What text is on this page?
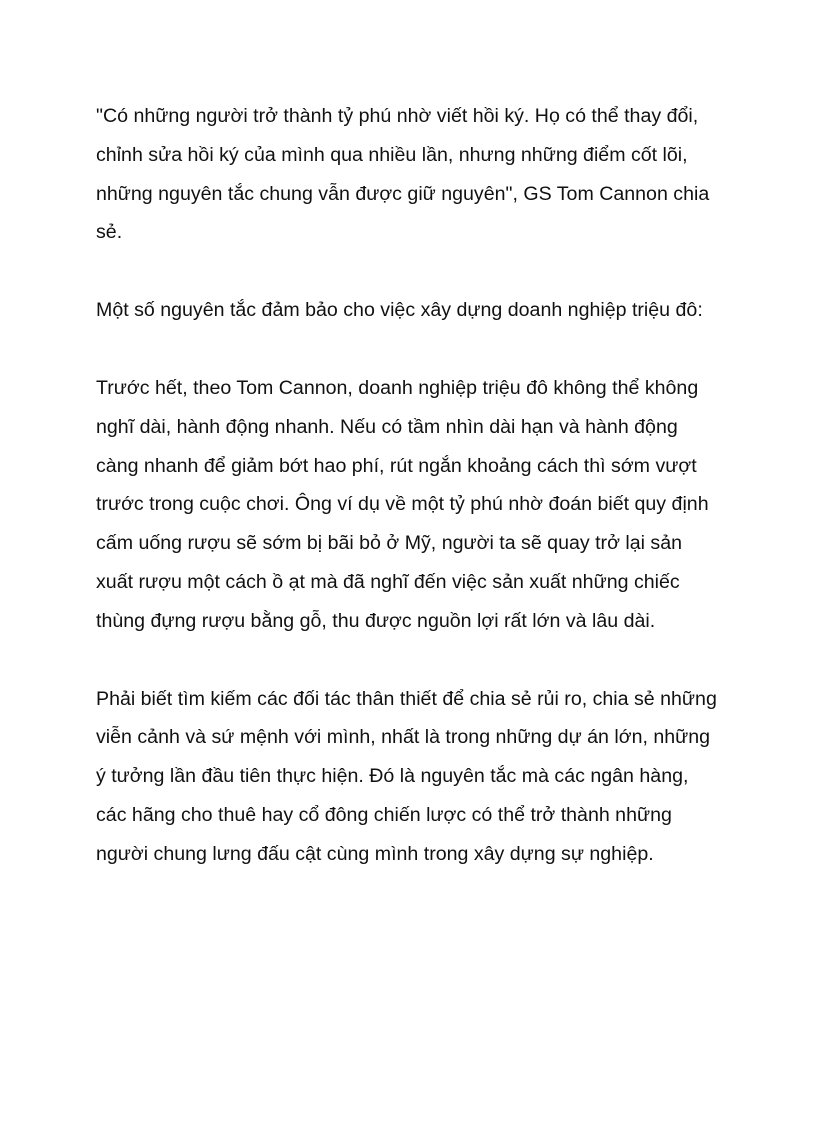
"Có những người trở thành tỷ phú nhờ viết hồi ký. Họ có thể thay đổi, chỉnh sửa hồi ký của mình qua nhiều lần, nhưng những điểm cốt lõi, những nguyên tắc chung vẫn được giữ nguyên", GS Tom Cannon chia sẻ.

Một số nguyên tắc đảm bảo cho việc xây dựng doanh nghiệp triệu đô:

Trước hết, theo Tom Cannon, doanh nghiệp triệu đô không thể không nghĩ dài, hành động nhanh. Nếu có tầm nhìn dài hạn và hành động càng nhanh để giảm bớt hao phí, rút ngắn khoảng cách thì sớm vượt trước trong cuộc chơi. Ông ví dụ về một tỷ phú nhờ đoán biết quy định cấm uống rượu sẽ sớm bị bãi bỏ ở Mỹ, người ta sẽ quay trở lại sản xuất rượu một cách ồ ạt mà đã nghĩ đến việc sản xuất những chiếc thùng đựng rượu bằng gỗ, thu được nguồn lợi rất lớn và lâu dài.

Phải biết tìm kiếm các đối tác thân thiết để chia sẻ rủi ro, chia sẻ những viễn cảnh và sứ mệnh với mình, nhất là trong những dự án lớn, những ý tưởng lần đầu tiên thực hiện. Đó là nguyên tắc mà các ngân hàng, các hãng cho thuê hay cổ đông chiến lược có thể trở thành những người chung lưng đấu cật cùng mình trong xây dựng sự nghiệp.
